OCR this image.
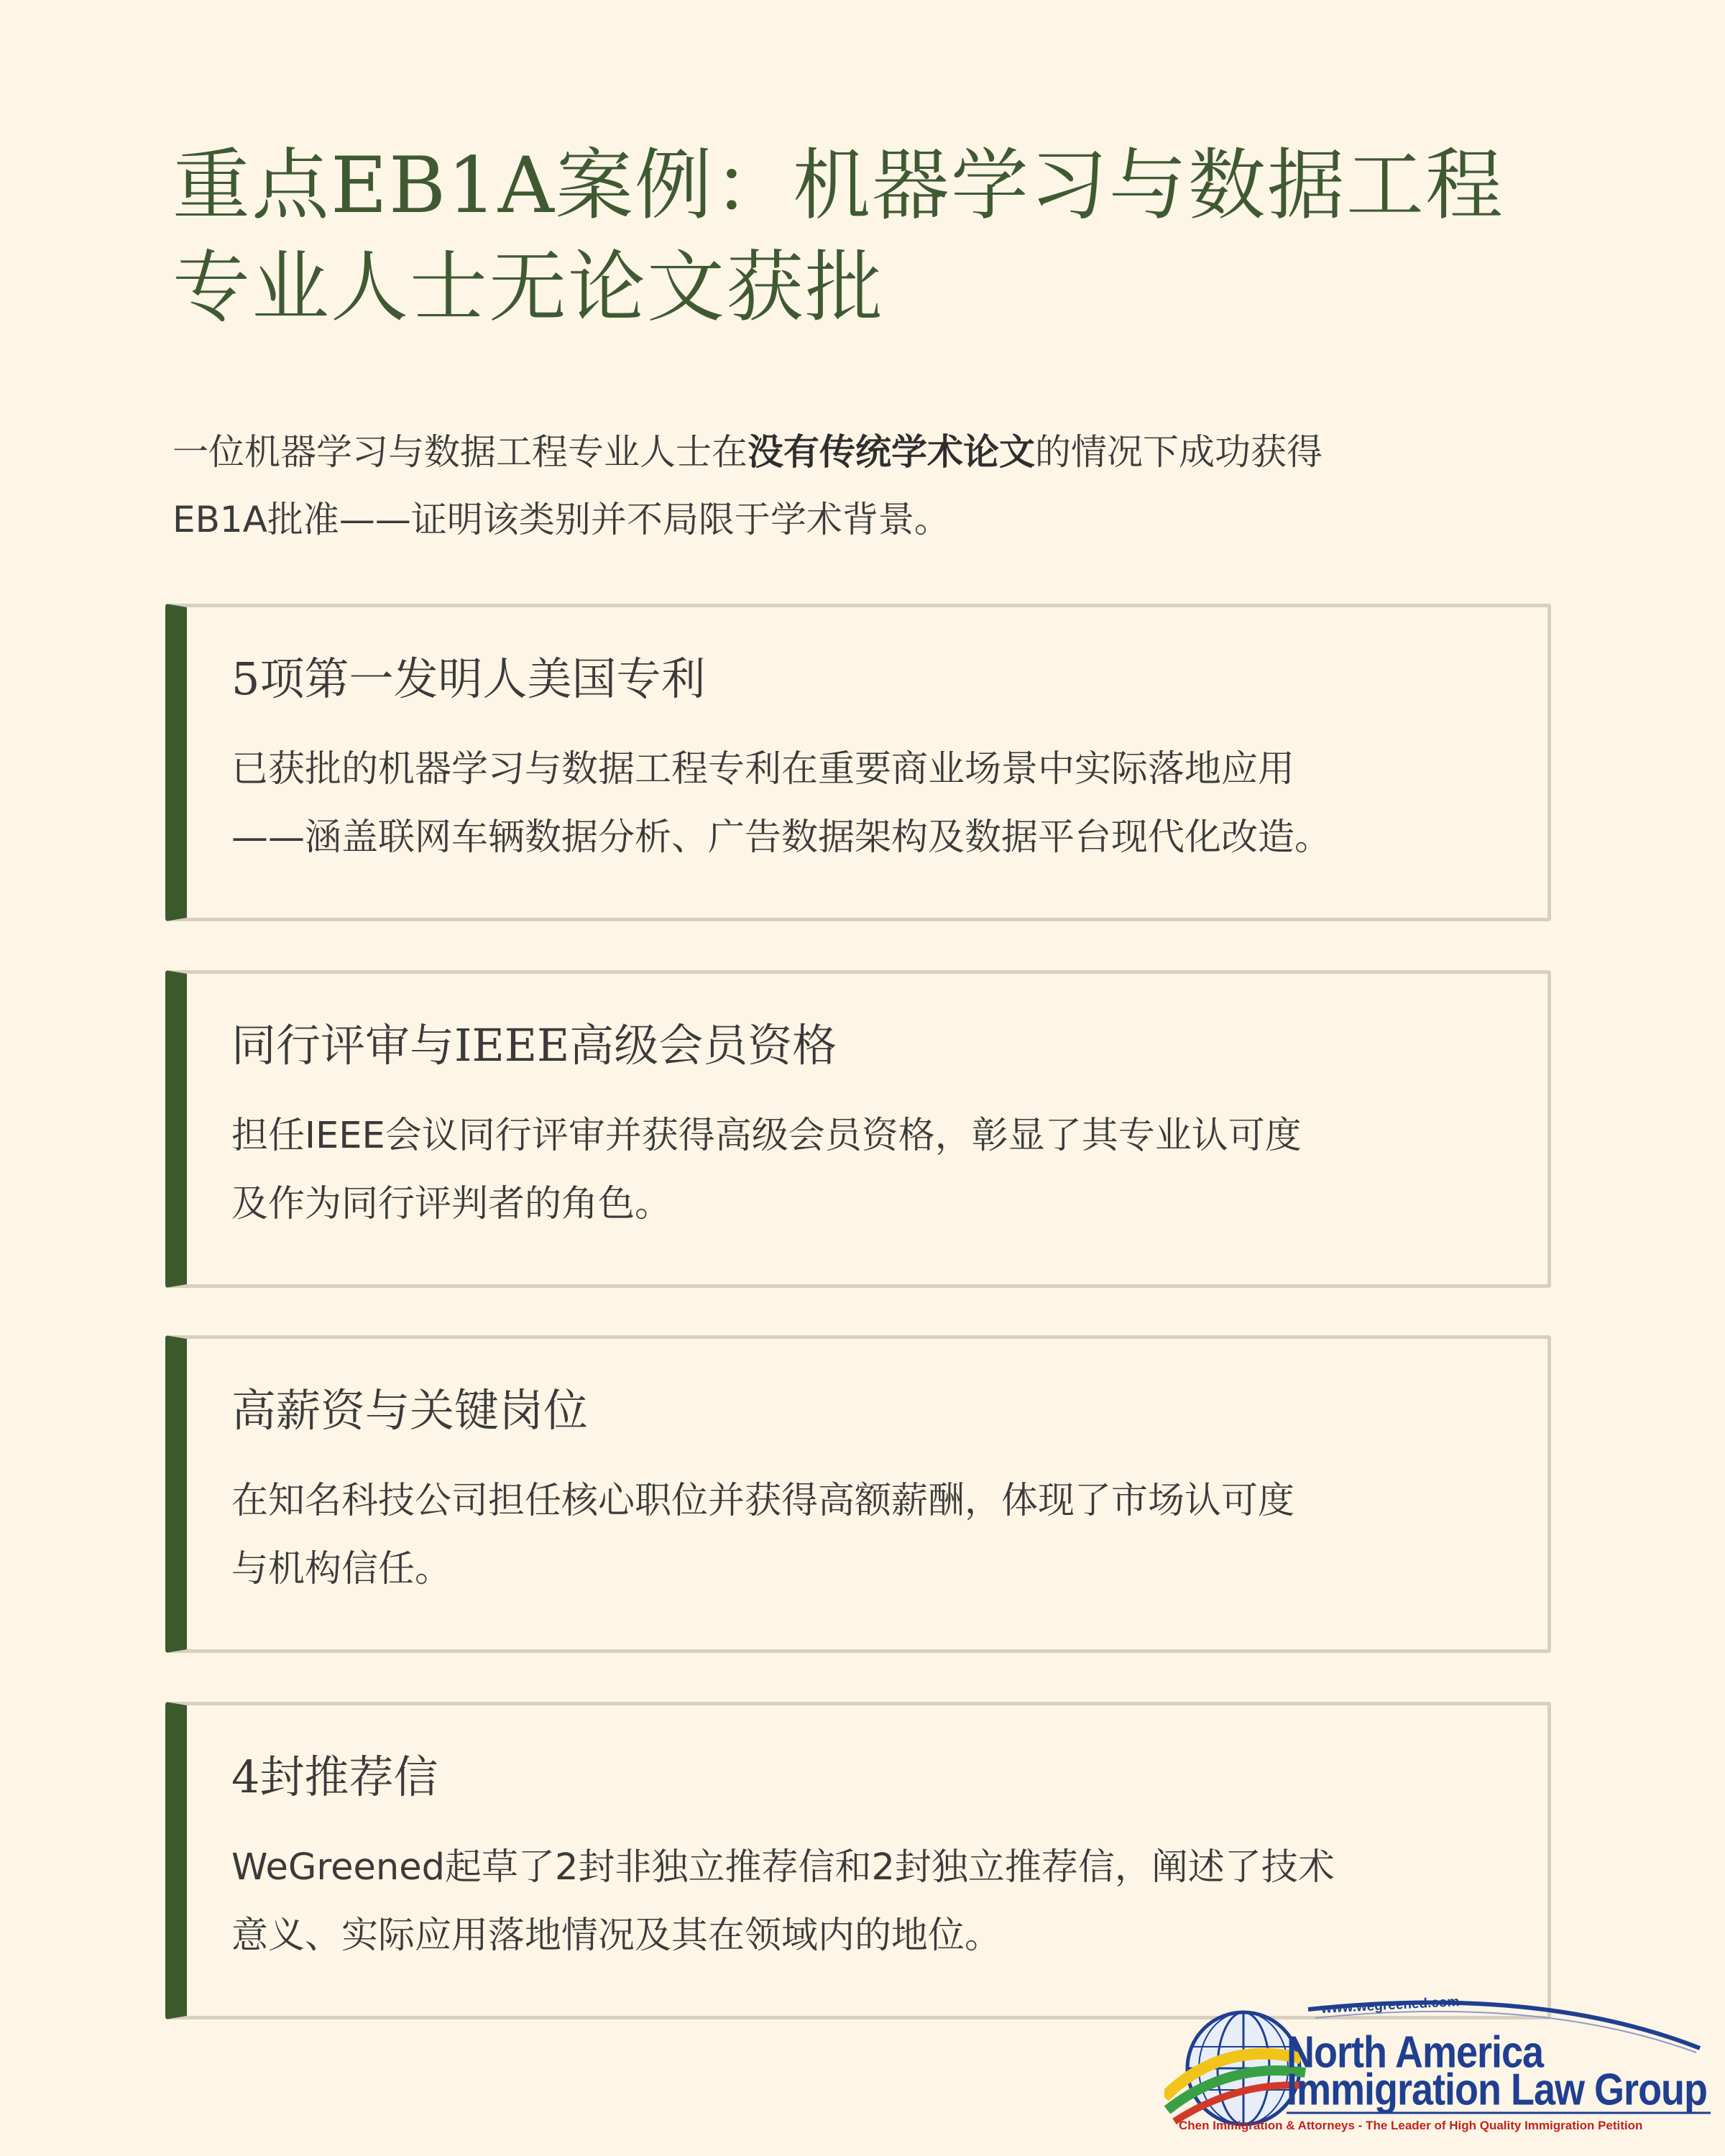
重点EB1A案例：机器学习与数据工程
专业人士无论文获批

一位机器学习与数据工程专业人士在没有传统学术论文的情况下成功获得
EB1A批准——证明该类别并不局限于学术背景。

5项第一发明人美国专利

已获批的机器学习与数据工程专利在重要商业场景中实际落地应用
——涵盖联网车辆数据分析、广告数据架构及数据平台现代化改造。

同行评审与IEEE高级会员资格

担任IEEE会议同行评审并获得高级会员资格，彰显了其专业认可度
及作为同行评判者的角色。

高薪资与关键岗位

在知名科技公司担任核心职位并获得高额薪酬，体现了市场认可度
与机构信任。

4封推荐信

WeGreened起草了2封非独立推荐信和2封独立推荐信，阐述了技术
意义、实际应用落地情况及其在领域内的地位。

www.wegreened.com
North America
Immigration Law Group
Chen Immigration & Attorneys - The Leader of High Quality Immigration Petition
